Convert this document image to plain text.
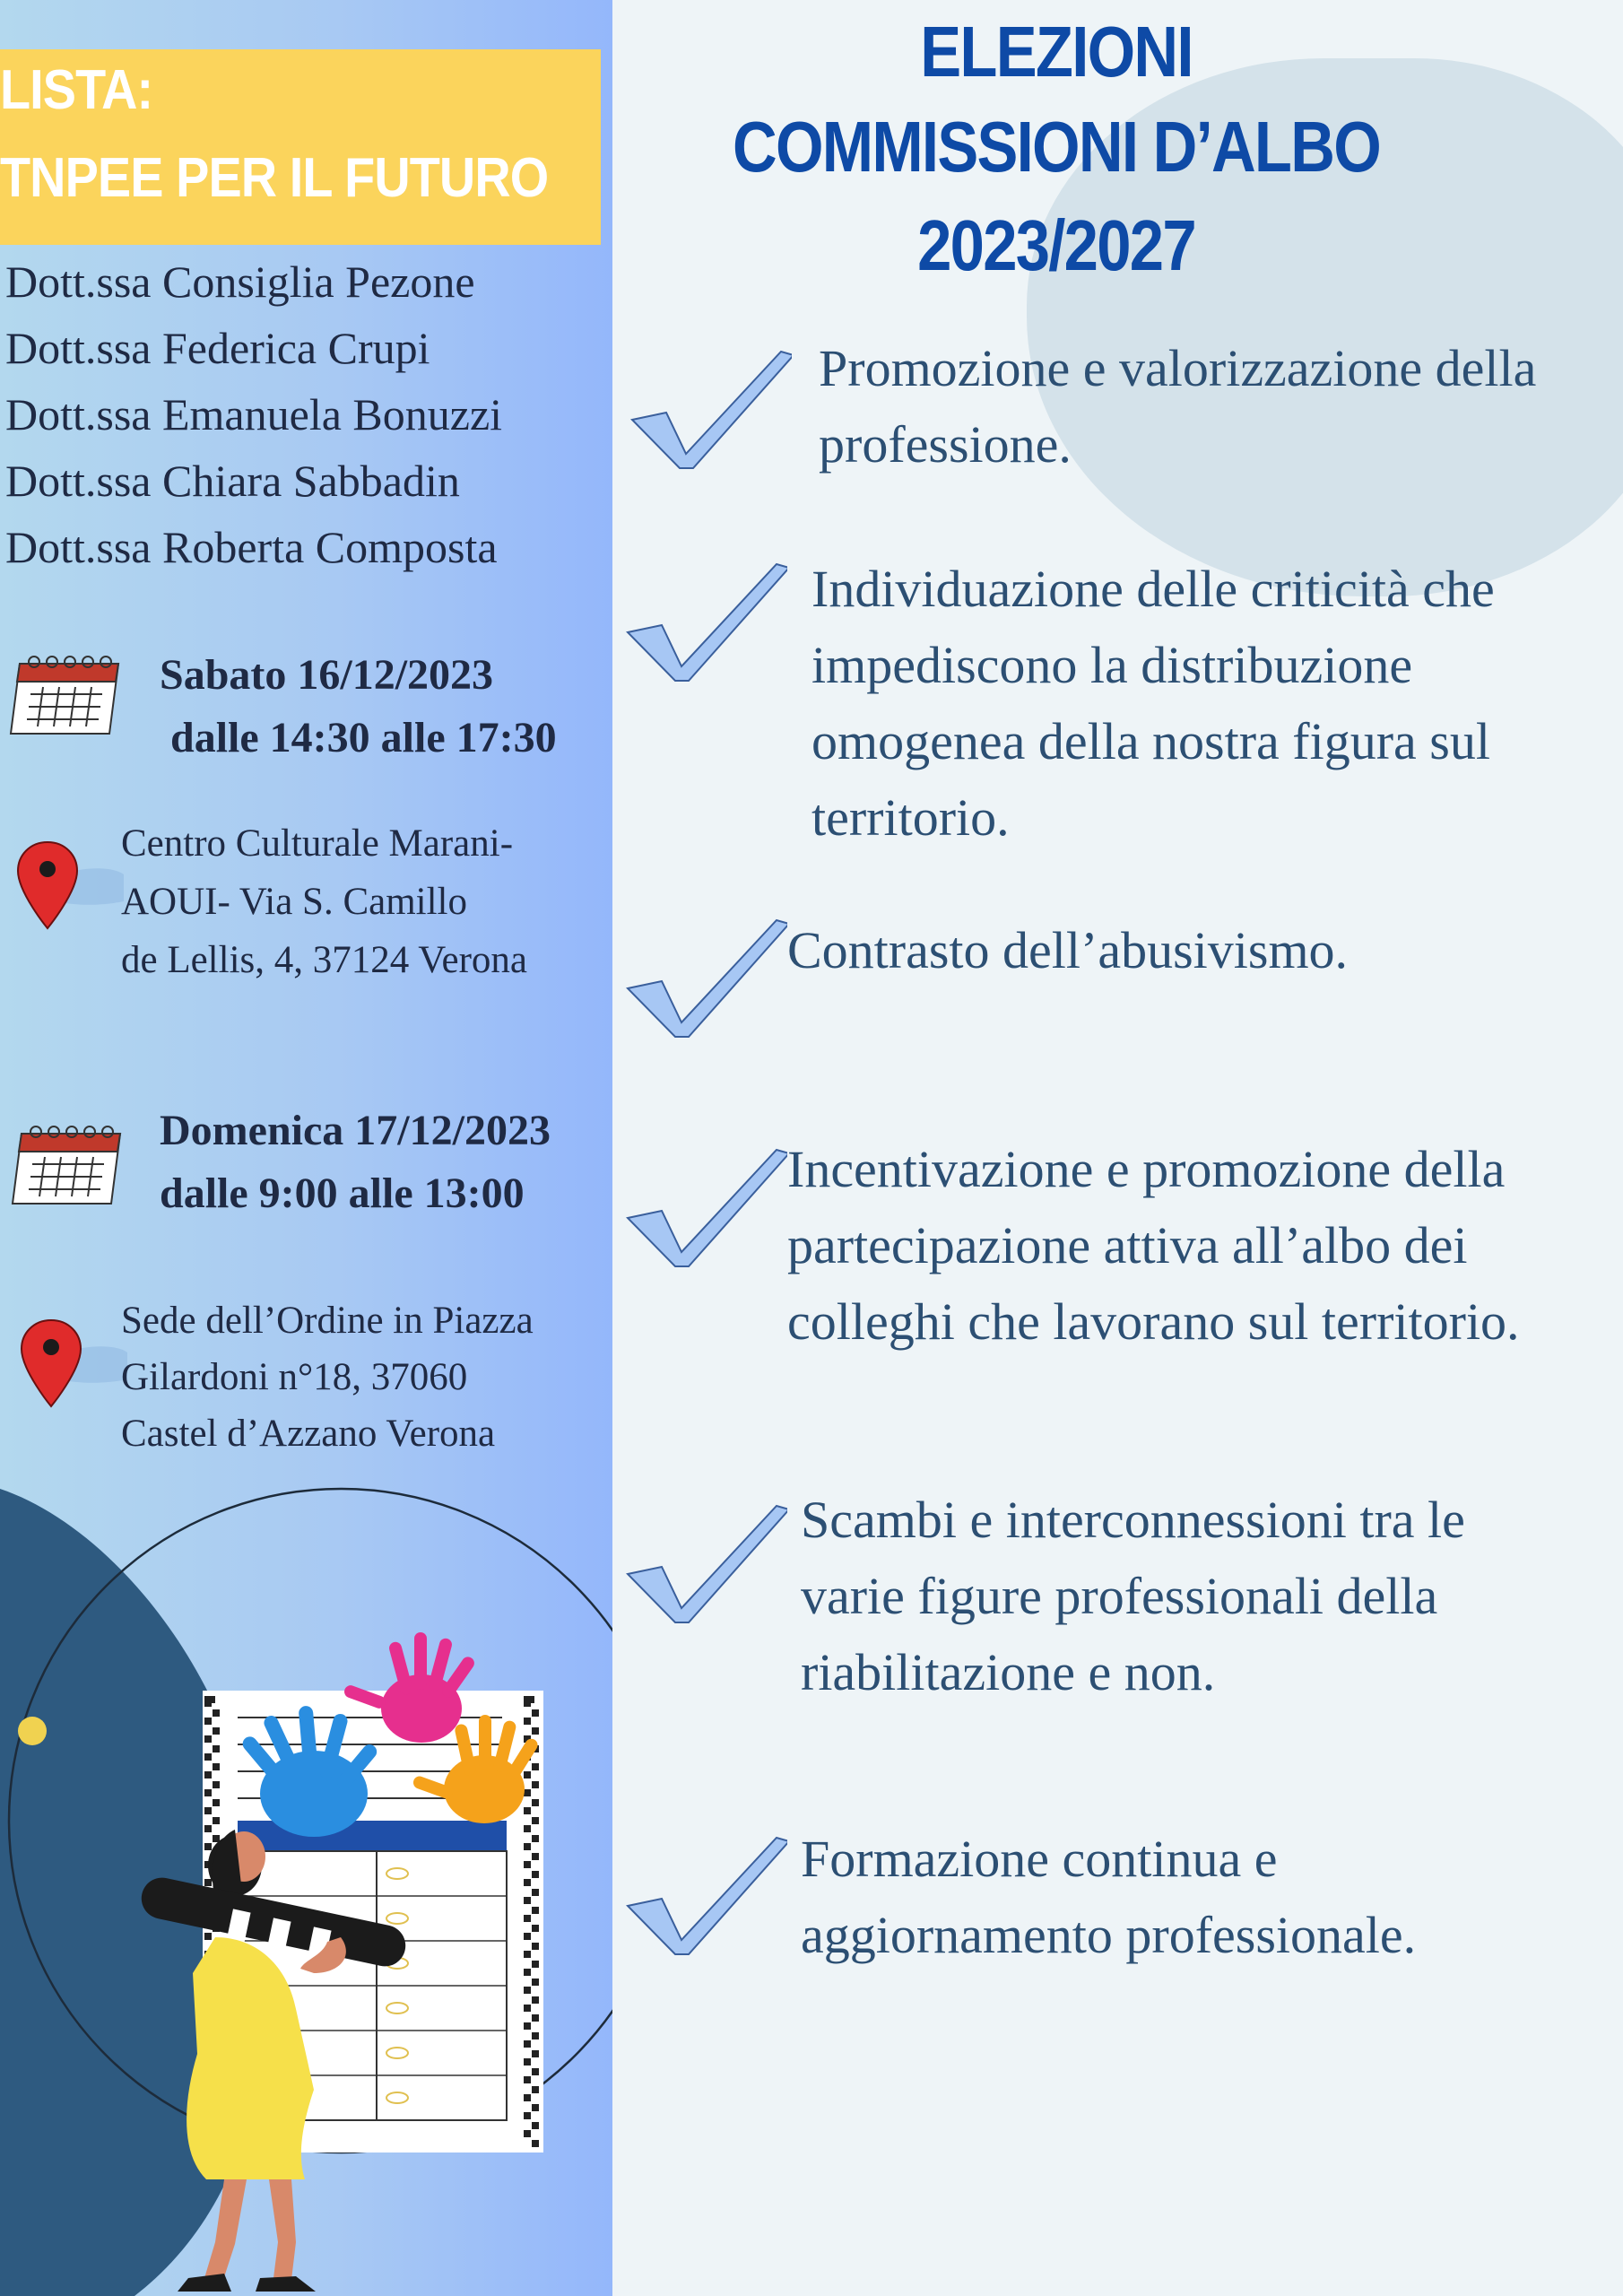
LISTA:
TNPEE PER IL FUTURO
Dott.ssa Consiglia Pezone
Dott.ssa Federica Crupi
Dott.ssa Emanuela Bonuzzi
Dott.ssa Chiara Sabbadin
Dott.ssa Roberta Composta
Sabato 16/12/2023
dalle 14:30 alle 17:30
Centro Culturale Marani-
AOUI- Via S. Camillo
de Lellis, 4, 37124 Verona
Domenica 17/12/2023
dalle 9:00 alle 13:00
Sede dell’Ordine in Piazza
Gilardoni n°18, 37060
Castel d’Azzano Verona
ELEZIONI
COMMISSIONI D’ALBO
2023/2027
Promozione e valorizzazione della
professione.
Individuazione delle criticità che
impediscono la distribuzione
omogenea della nostra figura sul
territorio.
Contrasto dell’abusivismo.
Incentivazione e promozione della
partecipazione attiva all’albo dei
colleghi che lavorano sul territorio.
Scambi e interconnessioni tra le
varie figure professionali della
riabilitazione e non.
Formazione continua e
aggiornamento professionale.
